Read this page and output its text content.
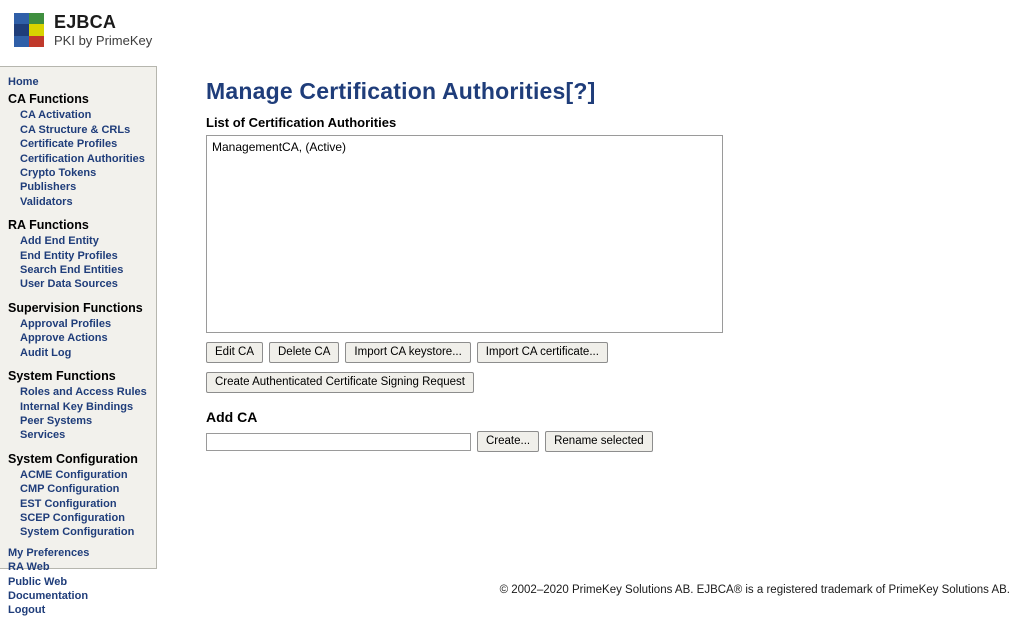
EJBCA
PKI by PrimeKey
Home
CA Functions
CA Activation
CA Structure & CRLs
Certificate Profiles
Certification Authorities
Crypto Tokens
Publishers
Validators
RA Functions
Add End Entity
End Entity Profiles
Search End Entities
User Data Sources
Supervision Functions
Approval Profiles
Approve Actions
Audit Log
System Functions
Roles and Access Rules
Internal Key Bindings
Peer Systems
Services
System Configuration
ACME Configuration
CMP Configuration
EST Configuration
SCEP Configuration
System Configuration
My Preferences
RA Web
Public Web
Documentation
Logout
Manage Certification Authorities[?]
List of Certification Authorities
ManagementCA, (Active)
Edit CA	Delete CA	Import CA keystore...	Import CA certificate...
Create Authenticated Certificate Signing Request
Add CA
Create...	Rename selected
© 2002–2020 PrimeKey Solutions AB. EJBCA® is a registered trademark of PrimeKey Solutions AB.
